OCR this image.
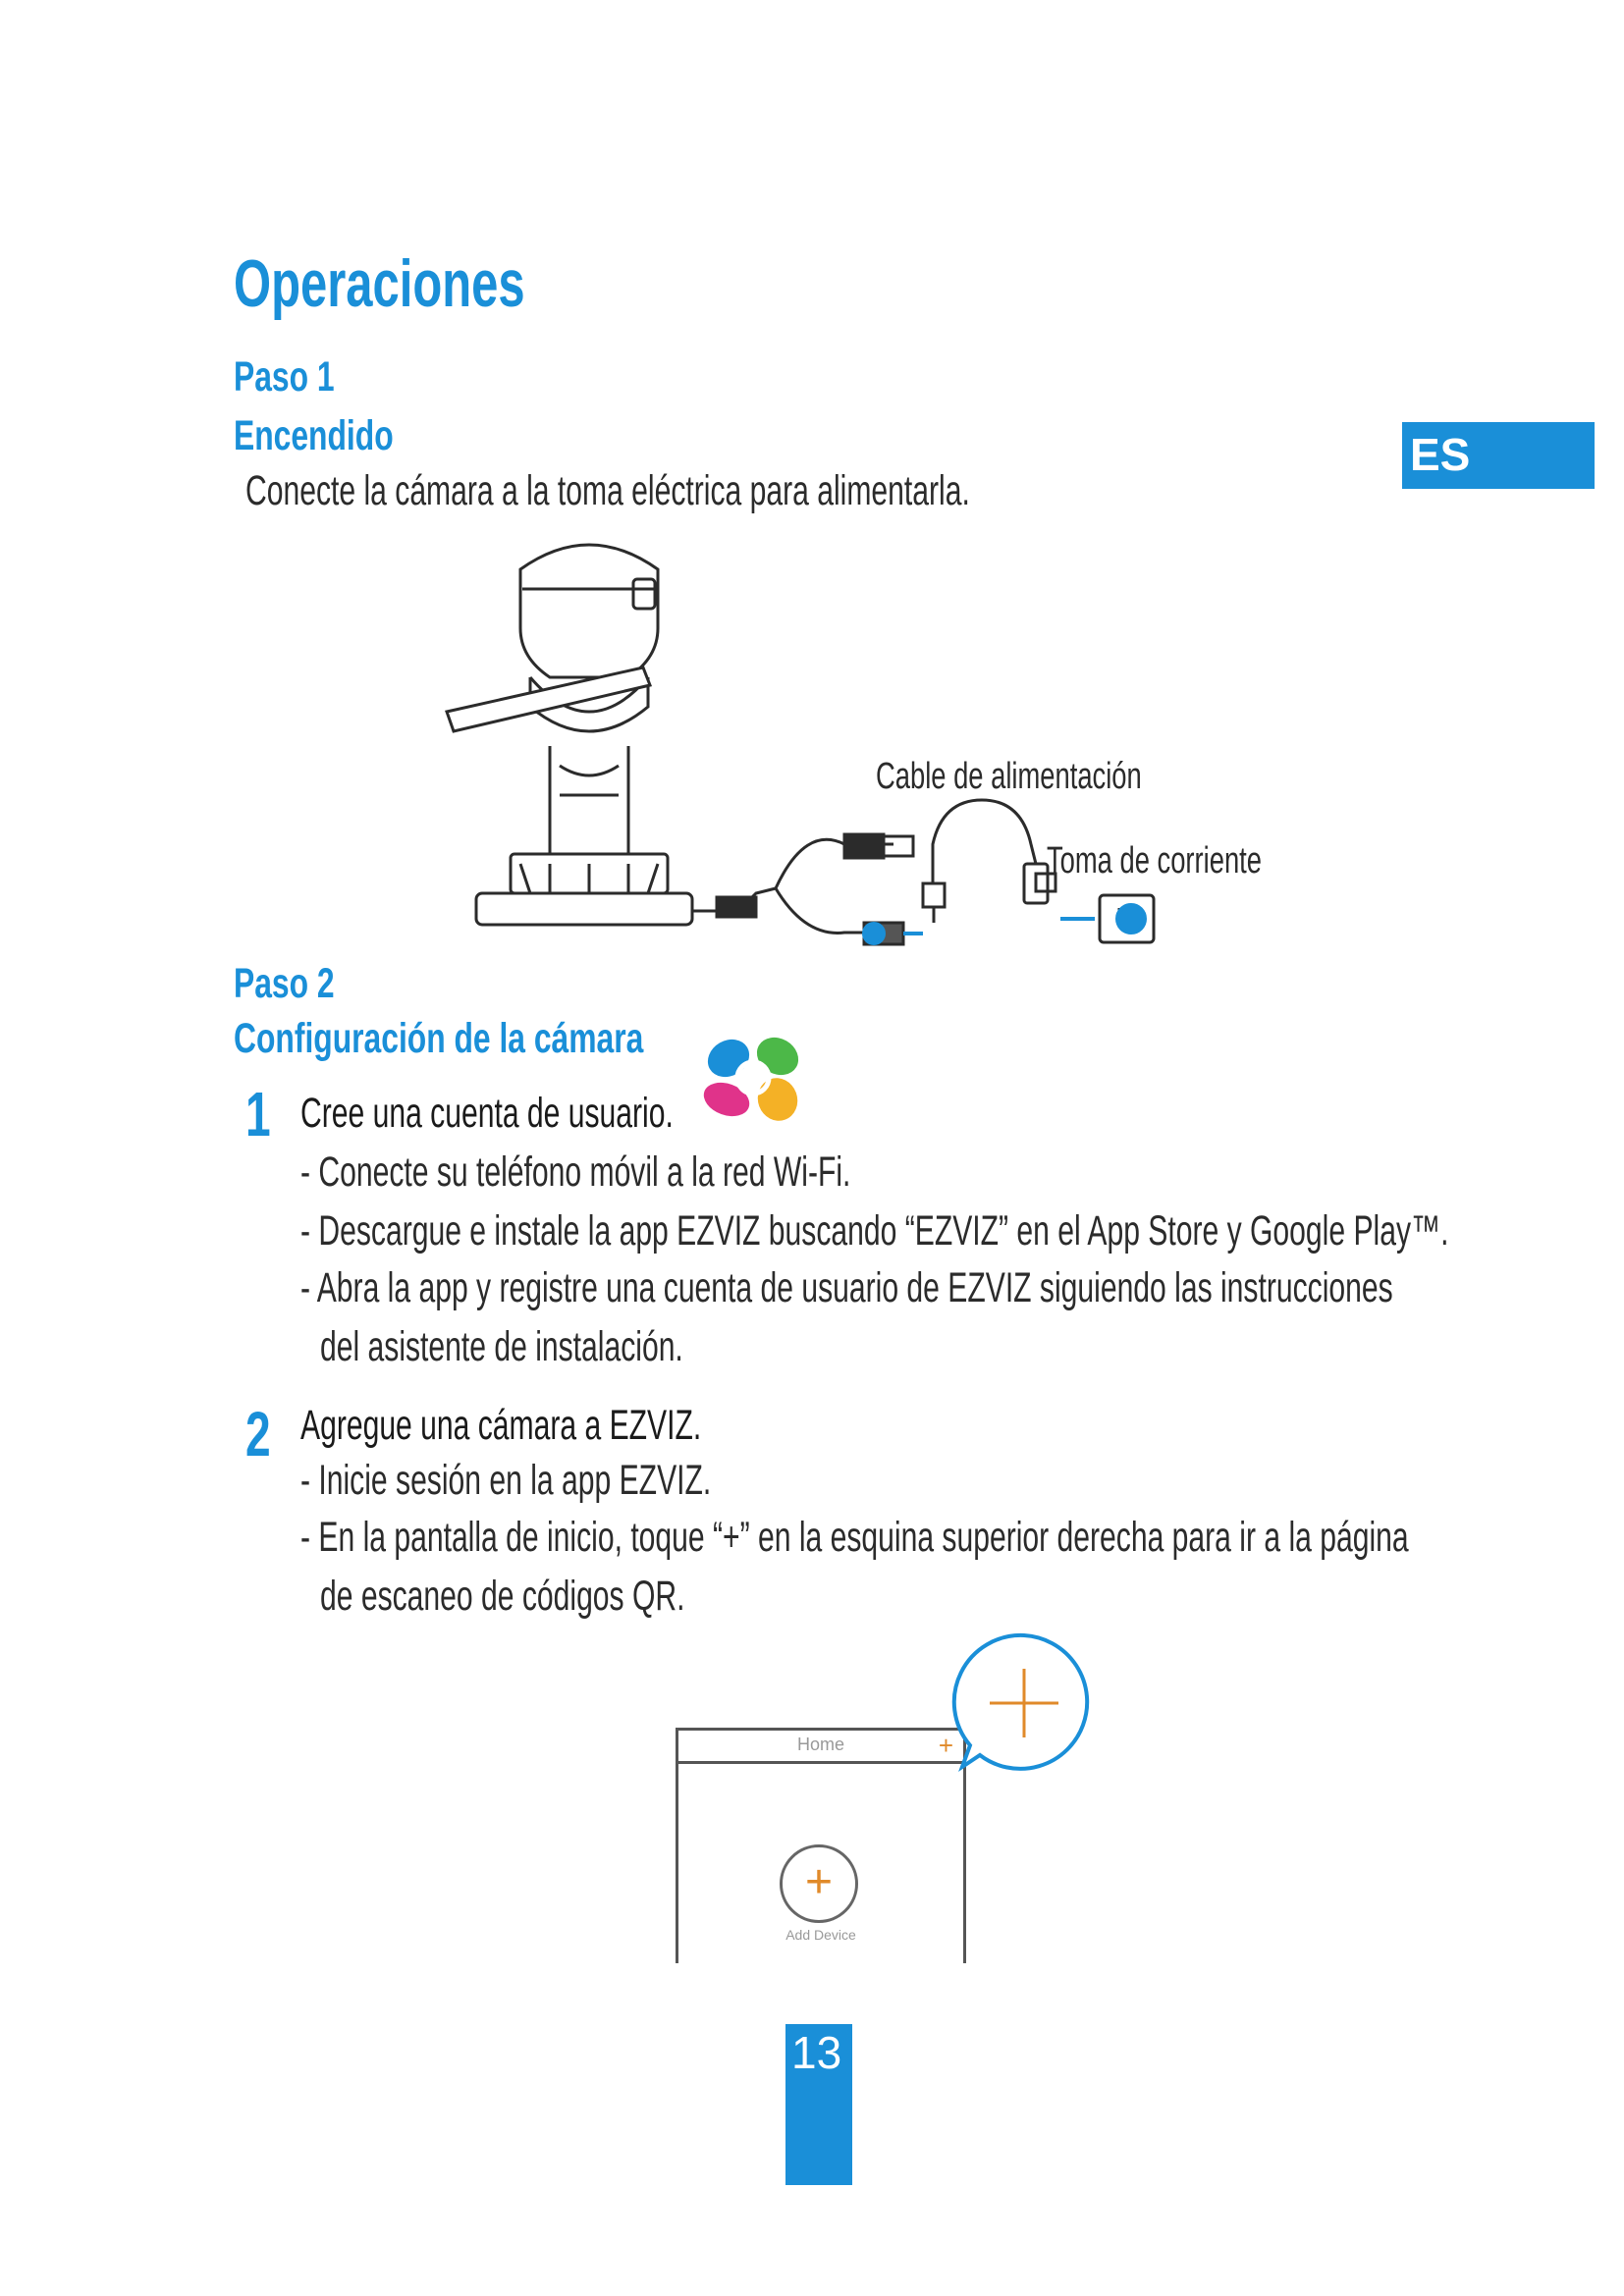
Operaciones
ES
Paso 1
Encendido
Conecte la cámara a la toma eléctrica para alimentarla.
Cable de alimentación
Toma de corriente
Paso 2
Configuración de la cámara
1 Cree una cuenta de usuario.
- Conecte su teléfono móvil a la red Wi-Fi.
- Descargue e instale la app EZVIZ buscando “EZVIZ” en el App Store y Google Play™.
- Abra la app y registre una cuenta de usuario de EZVIZ siguiendo las instrucciones
del asistente de instalación.
2 Agregue una cámara a EZVIZ.
- Inicie sesión en la app EZVIZ.
- En la pantalla de inicio, toque “+” en la esquina superior derecha para ir a la página
de escaneo de códigos QR.
Home	+
+
Add Device
13
